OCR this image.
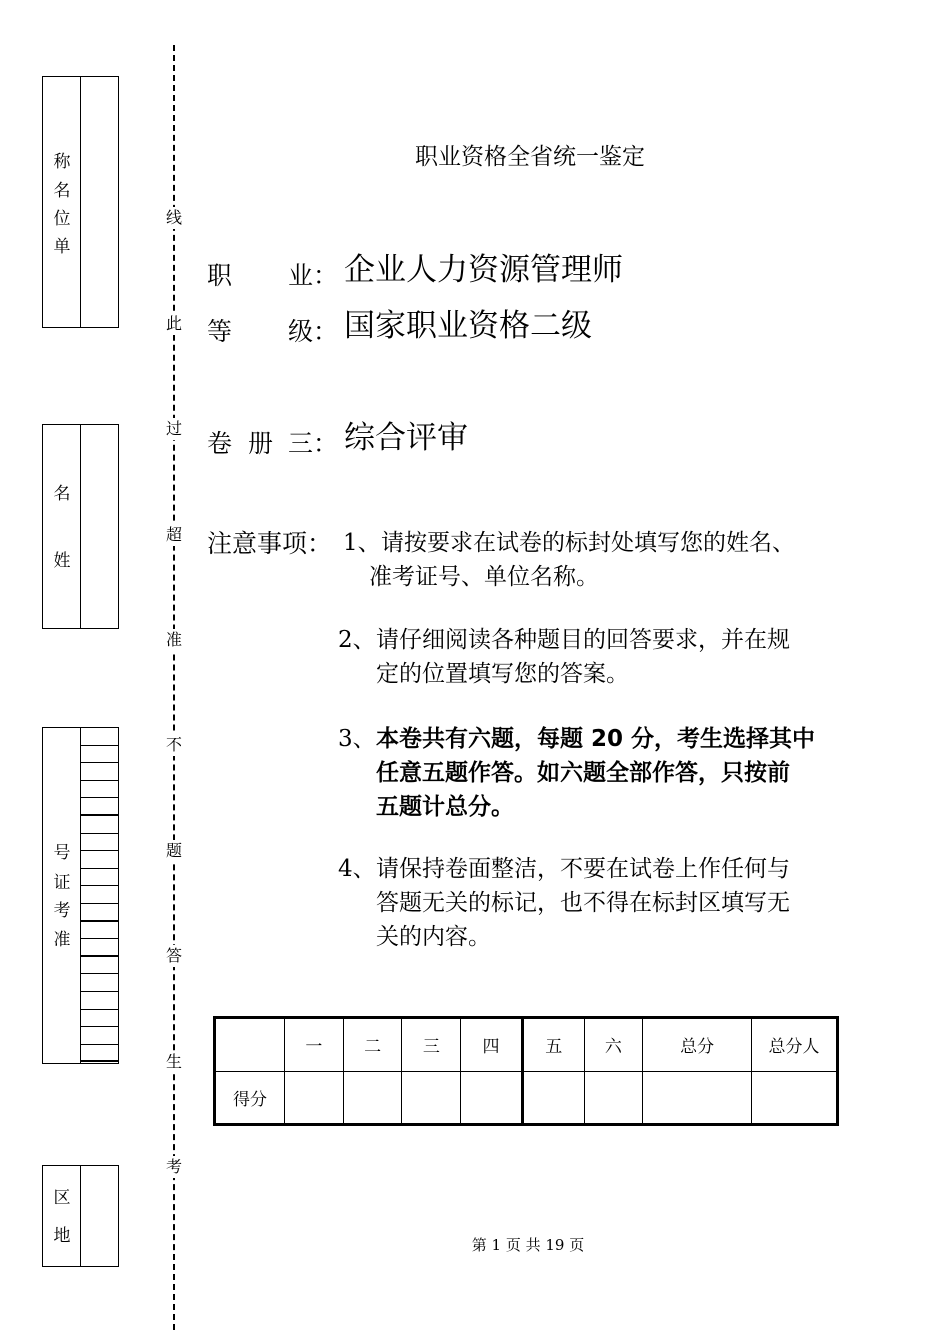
称
名
位
单
名
姓
号
证
考
准
区
地
线
此
过
超
准
不
题
答
生
考
职业资格全省统一鉴定
职 业： 企业人力资源管理师
等 级： 国家职业资格二级
卷 册 三： 综合评审
注意事项： 1、 请按要求在试卷的标封处填写您的姓名、
准考证号、单位名称。
2、 请仔细阅读各种题目的回答要求，并在规
定的位置填写您的答案。
3、 本卷共有六题，每题 20 分，考生选择其中
任意五题作答。如六题全部作答，只按前
五题计总分。
4、 请保持卷面整洁，不要在试卷上作任何与
答题无关的标记，也不得在标封区填写无
关的内容。
	一	二	三	四	五	六	总分	总分人
得分								
第 1 页 共 19 页
